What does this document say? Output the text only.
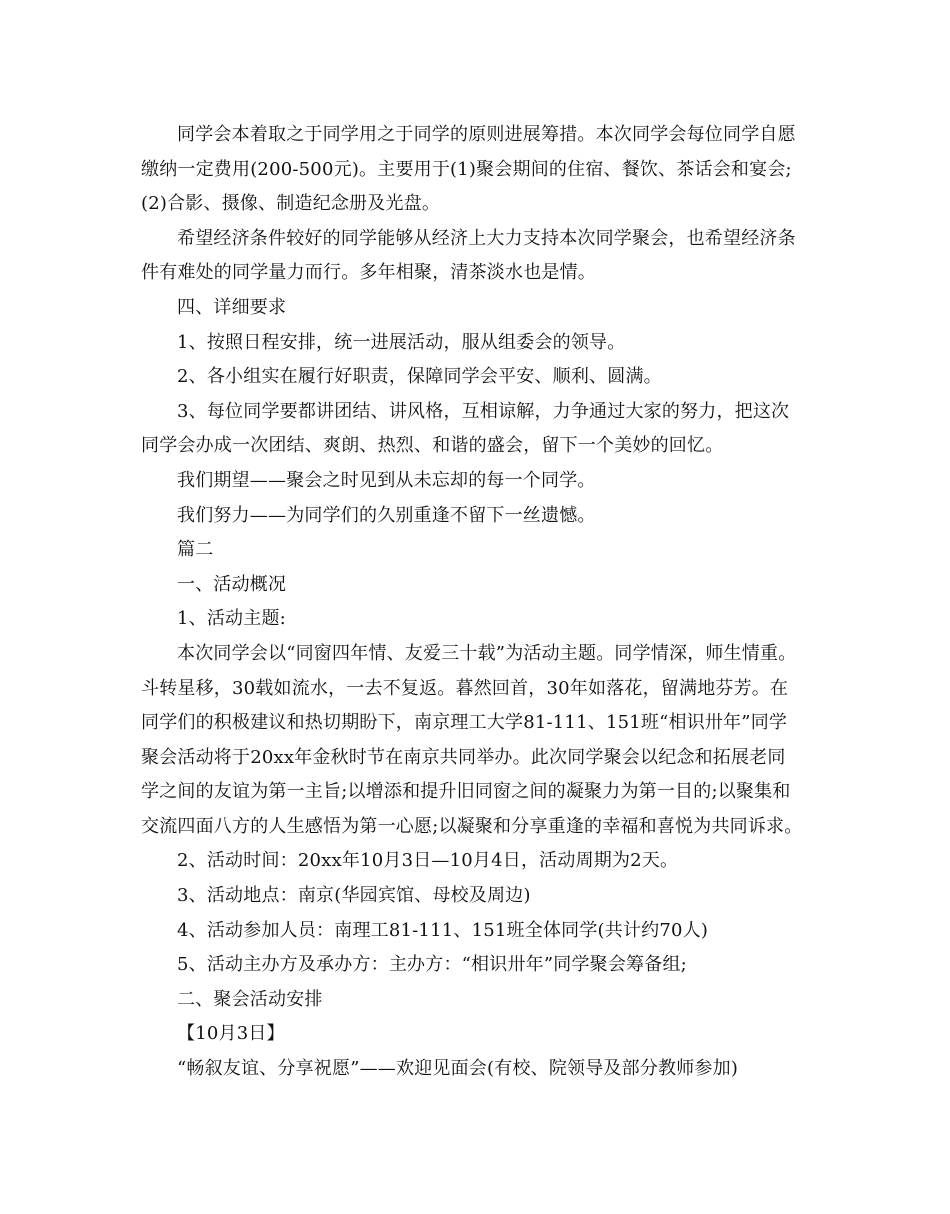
同学会本着取之于同学用之于同学的原则进展筹措。本次同学会每位同学自愿
缴纳一定费用(200-500元)。主要用于(1)聚会期间的住宿、餐饮、茶话会和宴会;
(2)合影、摄像、制造纪念册及光盘。
希望经济条件较好的同学能够从经济上大力支持本次同学聚会，也希望经济条
件有难处的同学量力而行。多年相聚，清茶淡水也是情。
四、详细要求
1、按照日程安排，统一进展活动，服从组委会的领导。
2、各小组实在履行好职责，保障同学会平安、顺利、圆满。
3、每位同学要都讲团结、讲风格，互相谅解，力争通过大家的努力，把这次
同学会办成一次团结、爽朗、热烈、和谐的盛会，留下一个美妙的回忆。
我们期望——聚会之时见到从未忘却的每一个同学。
我们努力——为同学们的久别重逢不留下一丝遗憾。
篇二
一、活动概况
1、活动主题:
本次同学会以“同窗四年情、友爱三十载”为活动主题。同学情深，师生情重。
斗转星移，30载如流水，一去不复返。暮然回首，30年如落花，留满地芬芳。在
同学们的积极建议和热切期盼下，南京理工大学81-111、151班“相识卅年”同学
聚会活动将于20xx年金秋时节在南京共同举办。此次同学聚会以纪念和拓展老同
学之间的友谊为第一主旨;以增添和提升旧同窗之间的凝聚力为第一目的;以聚集和
交流四面八方的人生感悟为第一心愿;以凝聚和分享重逢的幸福和喜悦为共同诉求。
2、活动时间：20xx年10月3日—10月4日，活动周期为2天。
3、活动地点：南京(华园宾馆、母校及周边)
4、活动参加人员：南理工81-111、151班全体同学(共计约70人)
5、活动主办方及承办方：主办方：“相识卅年”同学聚会筹备组;
二、聚会活动安排
【10月3日】
“畅叙友谊、分享祝愿”——欢迎见面会(有校、院领导及部分教师参加)
